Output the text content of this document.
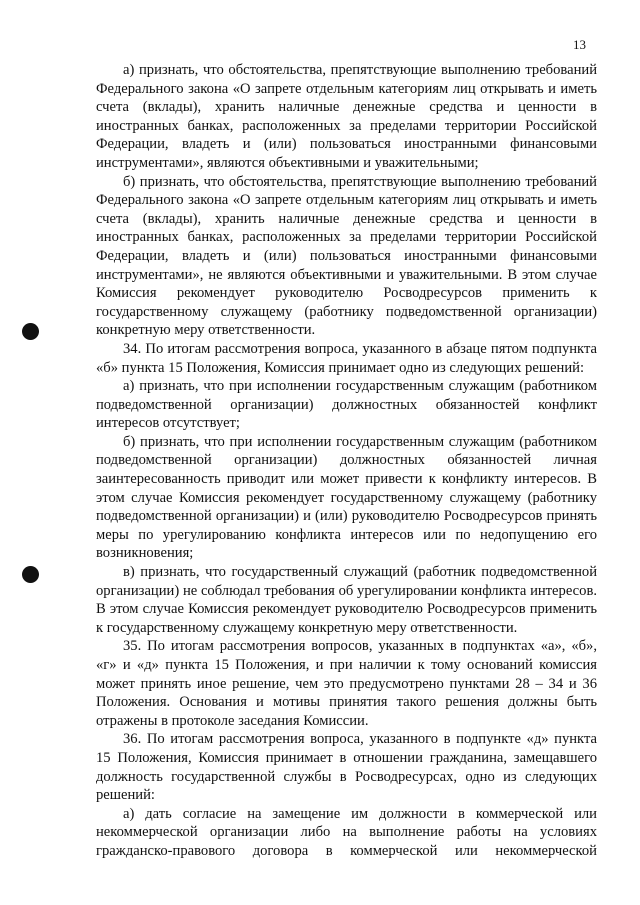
13

а) признать, что обстоятельства, препятствующие выполнению требований Федерального закона «О запрете отдельным категориям лиц открывать и иметь счета (вклады), хранить наличные денежные средства и ценности в иностранных банках, расположенных за пределами территории Российской Федерации, владеть и (или) пользоваться иностранными финансовыми инструментами», являются объективными и уважительными;

б) признать, что обстоятельства, препятствующие выполнению требований Федерального закона «О запрете отдельным категориям лиц открывать и иметь счета (вклады), хранить наличные денежные средства и ценности в иностранных банках, расположенных за пределами территории Российской Федерации, владеть и (или) пользоваться иностранными финансовыми инструментами», не являются объективными и уважительными. В этом случае Комиссия рекомендует руководителю Росводресурсов применить к государственному служащему (работнику подведомственной организации) конкретную меру ответственности.

34. По итогам рассмотрения вопроса, указанного в абзаце пятом подпункта «б» пункта 15 Положения, Комиссия принимает одно из следующих решений:

а) признать, что при исполнении государственным служащим (работником подведомственной организации) должностных обязанностей конфликт интересов отсутствует;

б) признать, что при исполнении государственным служащим (работником подведомственной организации) должностных обязанностей личная заинтересованность приводит или может привести к конфликту интересов. В этом случае Комиссия рекомендует государственному служащему (работнику подведомственной организации) и (или) руководителю Росводресурсов принять меры по урегулированию конфликта интересов или по недопущению его возникновения;

в) признать, что государственный служащий (работник подведомственной организации) не соблюдал требования об урегулировании конфликта интересов. В этом случае Комиссия рекомендует руководителю Росводресурсов применить к государственному служащему конкретную меру ответственности.

35. По итогам рассмотрения вопросов, указанных в подпунктах «а», «б», «г» и «д» пункта 15 Положения, и при наличии к тому оснований комиссия может принять иное решение, чем это предусмотрено пунктами 28 – 34 и 36 Положения. Основания и мотивы принятия такого решения должны быть отражены в протоколе заседания Комиссии.

36. По итогам рассмотрения вопроса, указанного в подпункте «д» пункта 15 Положения, Комиссия принимает в отношении гражданина, замещавшего должность государственной службы в Росводресурсах, одно из следующих решений:

а) дать согласие на замещение им должности в коммерческой или некоммерческой организации либо на выполнение работы на условиях гражданско-правового договора в коммерческой или некоммерческой
